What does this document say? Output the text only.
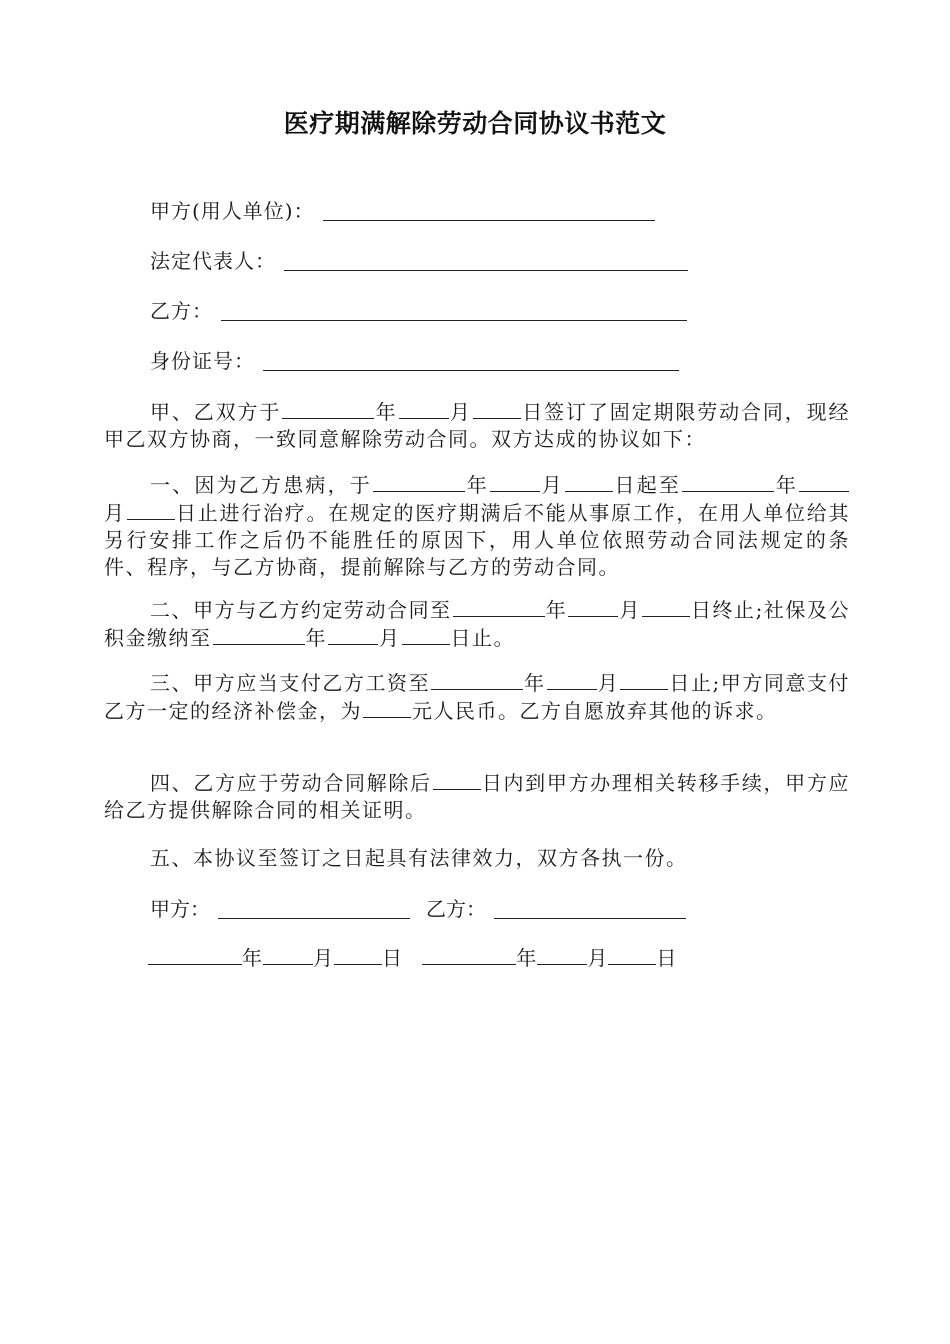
医疗期满解除劳动合同协议书范文
甲方(用人单位)：
法定代表人：
乙方：
身份证号：

甲、乙双方于	年	月	日签订了固定期限劳动合同，现经甲乙双方协商，一致同意解除劳动合同。双方达成的协议如下：

一、因为乙方患病，于	年	月	日起至	年月	日止进行治疗。在规定的医疗期满后不能从事原工作，在用人单位给其另行安排工作之后仍不能胜任的原因下，用人单位依照劳动合同法规定的条件、程序，与乙方协商，提前解除与乙方的劳动合同。

二、甲方与乙方约定劳动合同至	年	月	日终止;社保及公积金缴纳至	年	月	日止。

三、甲方应当支付乙方工资至	年	月	日止;甲方同意支付乙方一定的经济补偿金，为	元人民币。乙方自愿放弃其他的诉求。

四、乙方应于劳动合同解除后	日内到甲方办理相关转移手续，甲方应给乙方提供解除合同的相关证明。

五、本协议至签订之日起具有法律效力，双方各执一份。

甲方：	乙方：
年	月 日	年	月 日
